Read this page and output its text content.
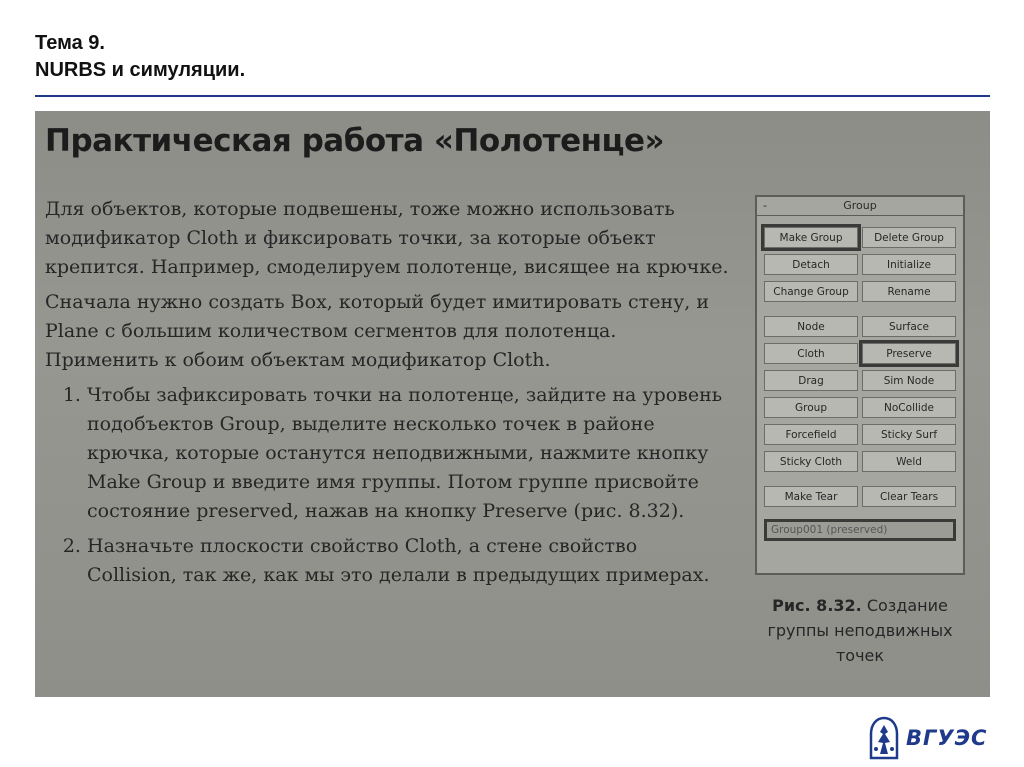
Тема 9.
NURBS и симуляции.
Практическая работа «Полотенце»

Для объектов, которые подвешены, тоже можно использовать модификатор Cloth и фиксировать точки, за которые объект крепится. Например, смоделируем полотенце, висящее на крючке.

Сначала нужно создать Box, который будет имитировать стену, и Plane с большим количеством сегментов для полотенца. Применить к обоим объектам модификатор Cloth.

1. Чтобы зафиксировать точки на полотенце, зайдите на уровень подобъектов Group, выделите несколько точек в районе крючка, которые останутся неподвижными, нажмите кнопку Make Group и введите имя группы. Потом группе присвойте состояние preserved, нажав на кнопку Preserve (рис. 8.32).
2. Назначьте плоскости свойство Cloth, а стене свойство Collision, так же, как мы это делали в предыдущих примерах.
-	Group
Make Group	Delete Group
Detach	Initialize
Change Group	Rename
Node	Surface
Cloth	Preserve
Drag	Sim Node
Group	NoCollide
Forcefield	Sticky Surf
Sticky Cloth	Weld
Make Tear	Clear Tears
Group001 (preserved)

Рис. 8.32. Создание группы неподвижных точек

ВГУЭС
